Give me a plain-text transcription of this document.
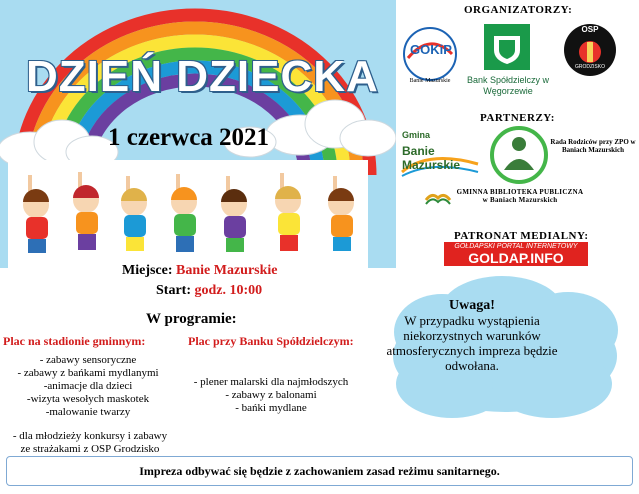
DZIEŃ DZIECKA
1 czerwca 2021
ORGANIZATORZY:
GOKiP
Banie Mazurskie	Bank Spółdzielczy w Węgorzewie
OSP
GRODZISKO
PARTNERZY:
Gmina
Banie Mazurskie
Rada Rodziców przy ZPO w Baniach Mazurskich
GMINNA BIBLIOTEKA PUBLICZNA w Baniach Mazurskich
PATRONAT MEDIALNY:
GOŁDAPSKI PORTAL INTERNETOWY
GOLDAP.INFO
Miejsce: Banie Mazurskie
Start: godz. 10:00
W programie:
Plac na stadionie gminnym:
- zabawy sensoryczne
- zabawy z bańkami mydlanymi
-animacje dla dzieci
-wizyta wesołych maskotek
-malowanie twarzy
- dla młodzieży konkursy i zabawy
ze strażakami z OSP Grodzisko
Plac przy Banku Spółdzielczym:
- plener malarski dla najmłodszych
- zabawy z balonami
- bańki mydlane
Uwaga!
W przypadku wystąpienia
niekorzystnych warunków
atmosferycznych impreza będzie
odwołana.
Impreza odbywać się będzie z zachowaniem zasad reżimu sanitarnego.
